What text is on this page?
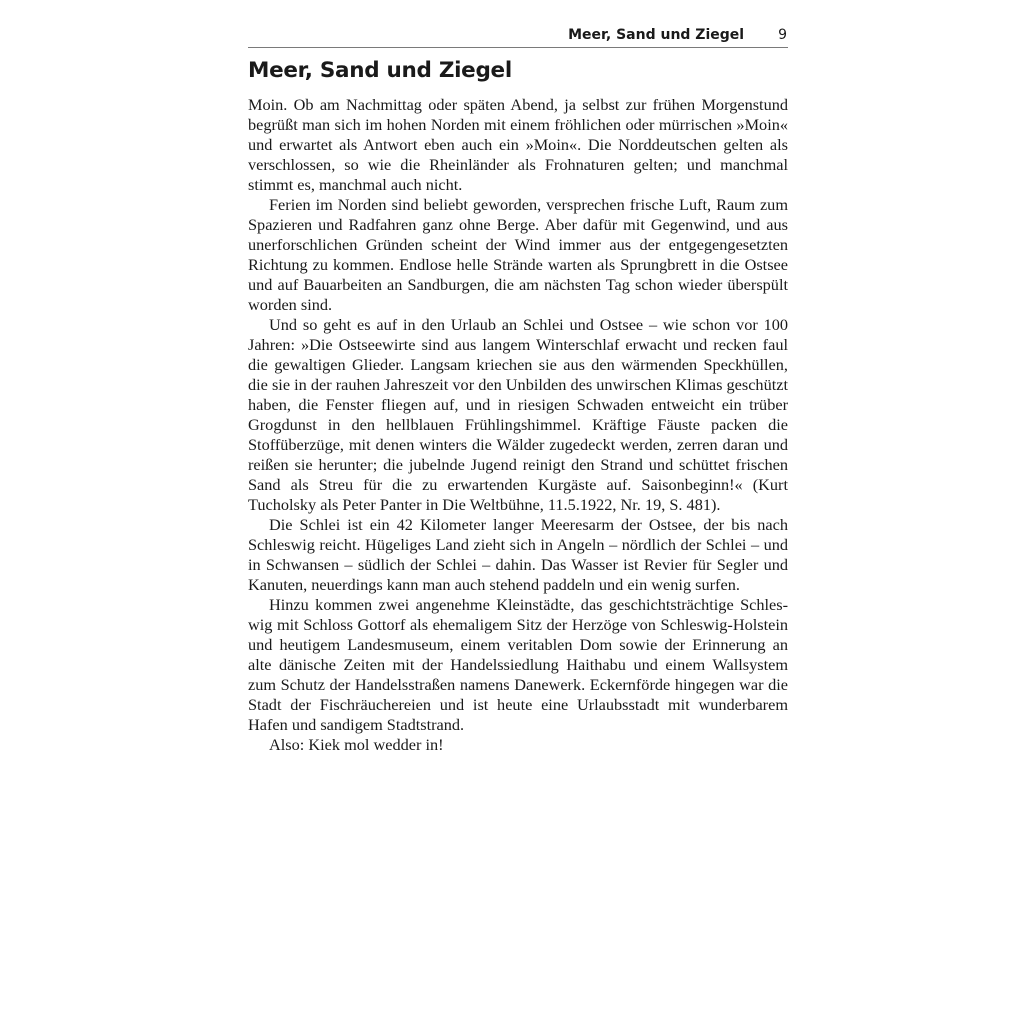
Meer, Sand und Ziegel 9
Meer, Sand und Ziegel

Moin. Ob am Nachmittag oder späten Abend, ja selbst zur frühen Morgenstund begrüßt man sich im hohen Norden mit einem fröhlichen oder mürrischen »Moin« und erwartet als Antwort eben auch ein »Moin«. Die Norddeutschen gelten als verschlossen, so wie die Rheinländer als Frohnaturen gelten; und manchmal stimmt es, manchmal auch nicht.

Ferien im Norden sind beliebt geworden, versprechen frische Luft, Raum zum Spazieren und Radfahren ganz ohne Berge. Aber dafür mit Gegenwind, und aus unerforschlichen Gründen scheint der Wind immer aus der entgegengesetzten Richtung zu kommen. Endlose helle Strände warten als Sprungbrett in die Ostsee und auf Bauarbeiten an Sandburgen, die am nächsten Tag schon wieder überspült worden sind.

Und so geht es auf in den Urlaub an Schlei und Ostsee – wie schon vor 100 Jahren: »Die Ostseewirte sind aus langem Winterschlaf erwacht und recken faul die gewaltigen Glieder. Langsam kriechen sie aus den wärmenden Speckhüllen, die sie in der rauhen Jahreszeit vor den Unbilden des unwirschen Klimas geschützt haben, die Fenster fliegen auf, und in riesigen Schwaden entweicht ein trüber Grogdunst in den hellblauen Frühlingshimmel. Kräftige Fäuste packen die Stoffüberzüge, mit denen winters die Wälder zugedeckt werden, zerren daran und reißen sie herunter; die jubelnde Jugend reinigt den Strand und schüttet frischen Sand als Streu für die zu erwartenden Kurgäste auf. Saisonbeginn!« (Kurt Tucholsky als Peter Panter in Die Weltbühne, 11.5.1922, Nr. 19, S. 481).

Die Schlei ist ein 42 Kilometer langer Meeresarm der Ostsee, der bis nach Schleswig reicht. Hügeliges Land zieht sich in Angeln – nördlich der Schlei – und in Schwansen – südlich der Schlei – dahin. Das Wasser ist Revier für Segler und Kanuten, neuerdings kann man auch stehend paddeln und ein wenig surfen.

Hinzu kommen zwei angenehme Kleinstädte, das geschichtsträchtige Schleswig mit Schloss Gottorf als ehemaligem Sitz der Herzöge von Schleswig-Holstein und heutigem Landesmuseum, einem veritablen Dom sowie der Erinnerung an alte dänische Zeiten mit der Handelssiedlung Haithabu und einem Wallsystem zum Schutz der Handelsstraßen namens Danewerk. Eckernförde hingegen war die Stadt der Fischräuchereien und ist heute eine Urlaubsstadt mit wunderbarem Hafen und sandigem Stadtstrand.

Also: Kiek mol wedder in!
